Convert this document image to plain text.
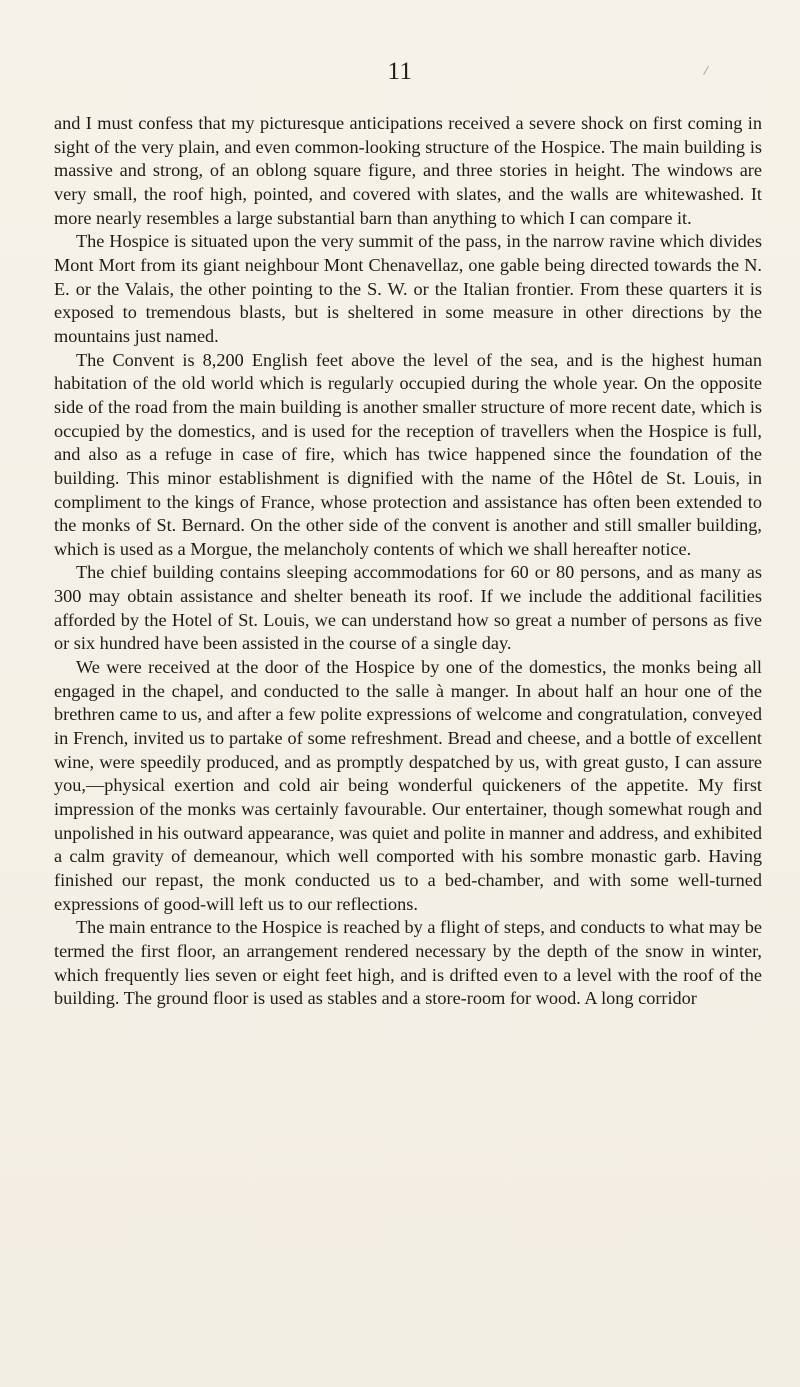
11

and I must confess that my picturesque anticipations received a severe shock on first coming in sight of the very plain, and even common-looking structure of the Hospice. The main building is massive and strong, of an oblong square figure, and three stories in height. The windows are very small, the roof high, pointed, and covered with slates, and the walls are whitewashed. It more nearly resembles a large substantial barn than anything to which I can compare it.

The Hospice is situated upon the very summit of the pass, in the narrow ravine which divides Mont Mort from its giant neighbour Mont Chenavellaz, one gable being directed towards the N. E. or the Valais, the other pointing to the S. W. or the Italian frontier. From these quarters it is exposed to tremendous blasts, but is sheltered in some measure in other directions by the mountains just named.

The Convent is 8,200 English feet above the level of the sea, and is the highest human habitation of the old world which is regularly occupied during the whole year. On the opposite side of the road from the main building is another smaller structure of more recent date, which is occupied by the domestics, and is used for the reception of travellers when the Hospice is full, and also as a refuge in case of fire, which has twice happened since the foundation of the building. This minor establishment is dignified with the name of the Hôtel de St. Louis, in compliment to the kings of France, whose protection and assistance has often been extended to the monks of St. Bernard. On the other side of the convent is another and still smaller building, which is used as a Morgue, the melancholy contents of which we shall hereafter notice.

The chief building contains sleeping accommodations for 60 or 80 persons, and as many as 300 may obtain assistance and shelter beneath its roof. If we include the additional facilities afforded by the Hotel of St. Louis, we can understand how so great a number of persons as five or six hundred have been assisted in the course of a single day.

We were received at the door of the Hospice by one of the domestics, the monks being all engaged in the chapel, and conducted to the salle à manger. In about half an hour one of the brethren came to us, and after a few polite expressions of welcome and congratulation, conveyed in French, invited us to partake of some refreshment. Bread and cheese, and a bottle of excellent wine, were speedily produced, and as promptly despatched by us, with great gusto, I can assure you,—physical exertion and cold air being wonderful quickeners of the appetite. My first impression of the monks was certainly favourable. Our entertainer, though somewhat rough and unpolished in his outward appearance, was quiet and polite in manner and address, and exhibited a calm gravity of demeanour, which well comported with his sombre monastic garb. Having finished our repast, the monk conducted us to a bed-chamber, and with some well-turned expressions of good-will left us to our reflections.

The main entrance to the Hospice is reached by a flight of steps, and conducts to what may be termed the first floor, an arrangement rendered necessary by the depth of the snow in winter, which frequently lies seven or eight feet high, and is drifted even to a level with the roof of the building. The ground floor is used as stables and a store-room for wood. A long corridor
